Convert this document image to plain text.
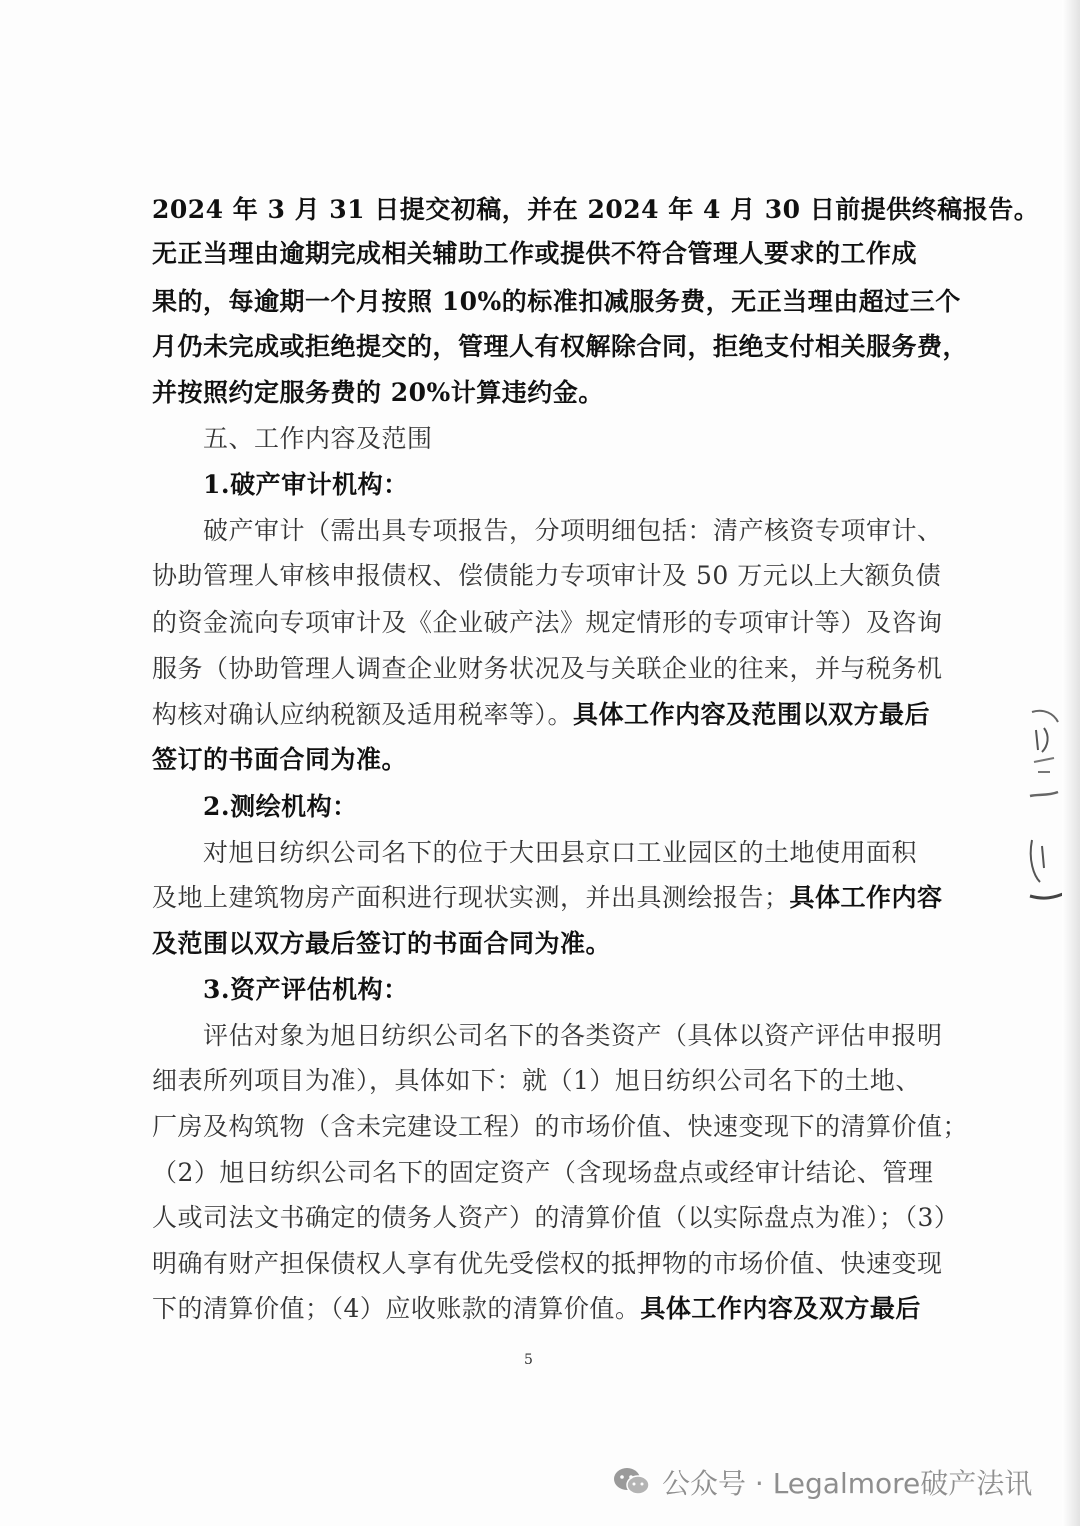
2024 年 3 月 31 日提交初稿，并在 2024 年 4 月 30 日前提供终稿报告。
无正当理由逾期完成相关辅助工作或提供不符合管理人要求的工作成
果的，每逾期一个月按照 10%的标准扣减服务费，无正当理由超过三个
月仍未完成或拒绝提交的，管理人有权解除合同，拒绝支付相关服务费，
并按照约定服务费的 20%计算违约金。
五、工作内容及范围
1.破产审计机构：
破产审计（需出具专项报告，分项明细包括：清产核资专项审计、
协助管理人审核申报债权、偿债能力专项审计及 50 万元以上大额负债
的资金流向专项审计及《企业破产法》规定情形的专项审计等）及咨询
服务（协助管理人调查企业财务状况及与关联企业的往来，并与税务机
构核对确认应纳税额及适用税率等）。具体工作内容及范围以双方最后
签订的书面合同为准。
2.测绘机构：
对旭日纺织公司名下的位于大田县京口工业园区的土地使用面积
及地上建筑物房产面积进行现状实测，并出具测绘报告；具体工作内容
及范围以双方最后签订的书面合同为准。
3.资产评估机构：
评估对象为旭日纺织公司名下的各类资产（具体以资产评估申报明
细表所列项目为准），具体如下：就（1）旭日纺织公司名下的土地、
厂房及构筑物（含未完建设工程）的市场价值、快速变现下的清算价值；
（2）旭日纺织公司名下的固定资产（含现场盘点或经审计结论、管理
人或司法文书确定的债务人资产）的清算价值（以实际盘点为准）；（3）
明确有财产担保债权人享有优先受偿权的抵押物的市场价值、快速变现
下的清算价值；（4）应收账款的清算价值。具体工作内容及双方最后
5
公众号 · Legalmore破产法讯
